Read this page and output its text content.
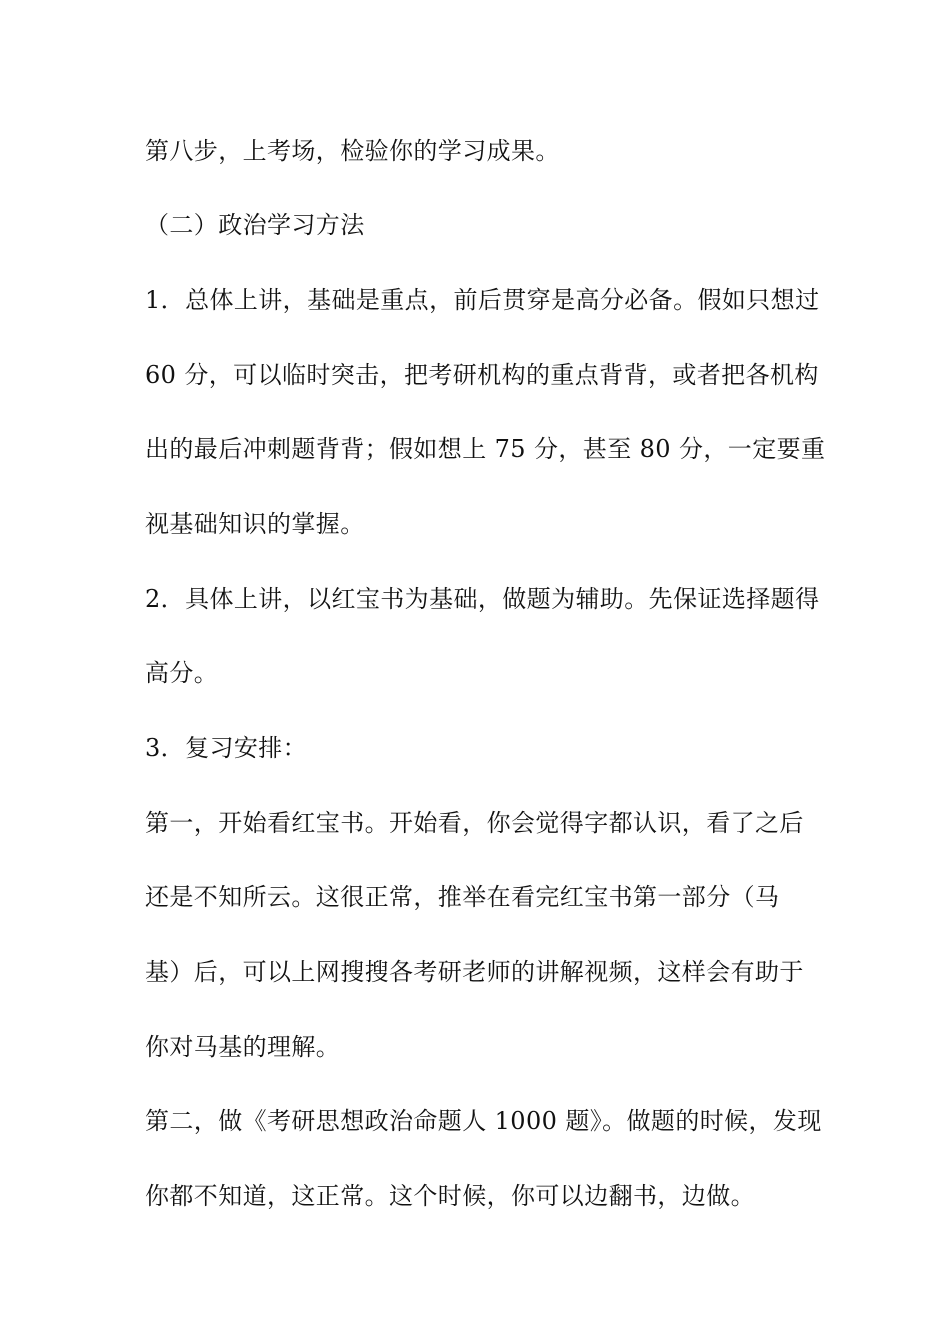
第八步，上考场，检验你的学习成果。
（二）政治学习方法
1．总体上讲，基础是重点，前后贯穿是高分必备。假如只想过
60 分，可以临时突击，把考研机构的重点背背，或者把各机构
出的最后冲刺题背背；假如想上 75 分，甚至 80 分，一定要重
视基础知识的掌握。
2．具体上讲，以红宝书为基础，做题为辅助。先保证选择题得
高分。
3．复习安排：
第一，开始看红宝书。开始看，你会觉得字都认识，看了之后
还是不知所云。这很正常，推举在看完红宝书第一部分（马
基）后，可以上网搜搜各考研老师的讲解视频，这样会有助于
你对马基的理解。
第二，做《考研思想政治命题人 1000 题》。做题的时候，发现
你都不知道，这正常。这个时候，你可以边翻书，边做。
